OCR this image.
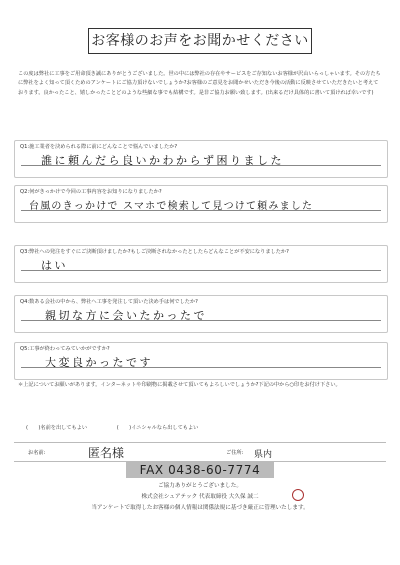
お客様のお声をお聞かせください
この度は弊社に工事をご用命頂き誠にありがとうございました。世の中には弊社の存在やサービスをご存知ないお客様が沢山いらっしゃいます。その方たちに弊社をよく知って頂くためのアンケートにご協力頂けないでしょうか?お客様のご意見をお聞かせいただき今後の活動に反映させていただきたいと考えております。良かったこと、嬉しかったことどのような些細な事でも結構です。是非ご協力お願い致します。(出来るだけ具体的に書いて頂ければ幸いです)
Q1:施工業者を決められる際に前にどんなことで悩んでいましたか?
誰に頼んだら良いかわからず困りました
Q2:何がきっかけで今回の工事内容をお知りになりましたか?
台風のきっかけで スマホで検索して見つけて頼みました
Q3:弊社への発注をすぐにご決断頂けましたか?もしご決断されなかったとしたらどんなことが不安になりましたか?
はい
Q4:数ある会社の中から、弊社へ工事を発注して頂いた決め手は何でしたか?
親切な方に会いたかったで
Q5:工事が終わってみていかがですか?
大変良かったです
＊上記についてお願いがあります。インターネットや印刷物に掲載させて頂いてもよろしいでしょうか?下記の中から○印をお付け下さい。
(　　)名前を出してもよい	(　　)イニシャルなら出してもよい
お名前:	匿名様	ご住所: 県内
FAX 0438-60-7774
ご協力ありがとうございました。
株式会社シュアテック 代表取締役 大久保 誠二
当アンケートで取得したお客様の個人情報は関係法規に基づき厳正に管理いたします。
